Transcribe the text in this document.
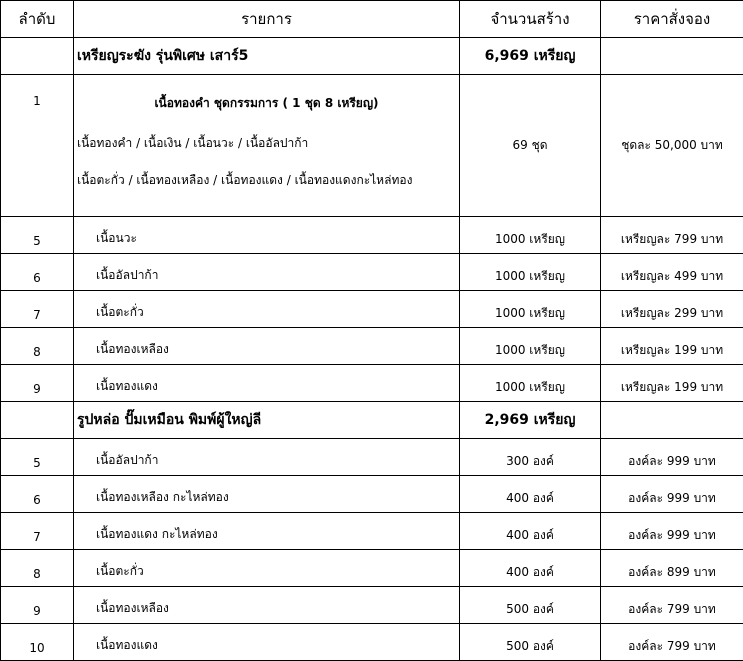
ลำดับ	รายการ	จำนวนสร้าง	ราคาสั่งจอง
	เหรียญระฆัง รุ่นพิเศษ เสาร์5	6,969 เหรียญ	
1	เนื้อทองคำ ชุดกรรมการ ( 1 ชุด 8 เหรียญ)
เนื้อทองคำ / เนื้อเงิน / เนื้อนวะ / เนื้ออัลปาก้า
เนื้อตะกั่ว / เนื้อทองเหลือง / เนื้อทองแดง / เนื้อทองแดงกะไหล่ทอง	69 ชุด	ชุดละ 50,000 บาท
5	เนื้อนวะ	1000 เหรียญ	เหรียญละ 799 บาท
6	เนื้ออัลปาก้า	1000 เหรียญ	เหรียญละ 499 บาท
7	เนื้อตะกั่ว	1000 เหรียญ	เหรียญละ 299 บาท
8	เนื้อทองเหลือง	1000 เหรียญ	เหรียญละ 199 บาท
9	เนื้อทองแดง	1000 เหรียญ	เหรียญละ 199 บาท
	รูปหล่อ ปั๊มเหมือน พิมพ์ผู้ใหญ่ลี	2,969 เหรียญ	
5	เนื้ออัลปาก้า	300 องค์	องค์ละ 999 บาท
6	เนื้อทองเหลือง กะไหล่ทอง	400 องค์	องค์ละ 999 บาท
7	เนื้อทองแดง กะไหล่ทอง	400 องค์	องค์ละ 999 บาท
8	เนื้อตะกั่ว	400 องค์	องค์ละ 899 บาท
9	เนื้อทองเหลือง	500 องค์	องค์ละ 799 บาท
10	เนื้อทองแดง	500 องค์	องค์ละ 799 บาท
